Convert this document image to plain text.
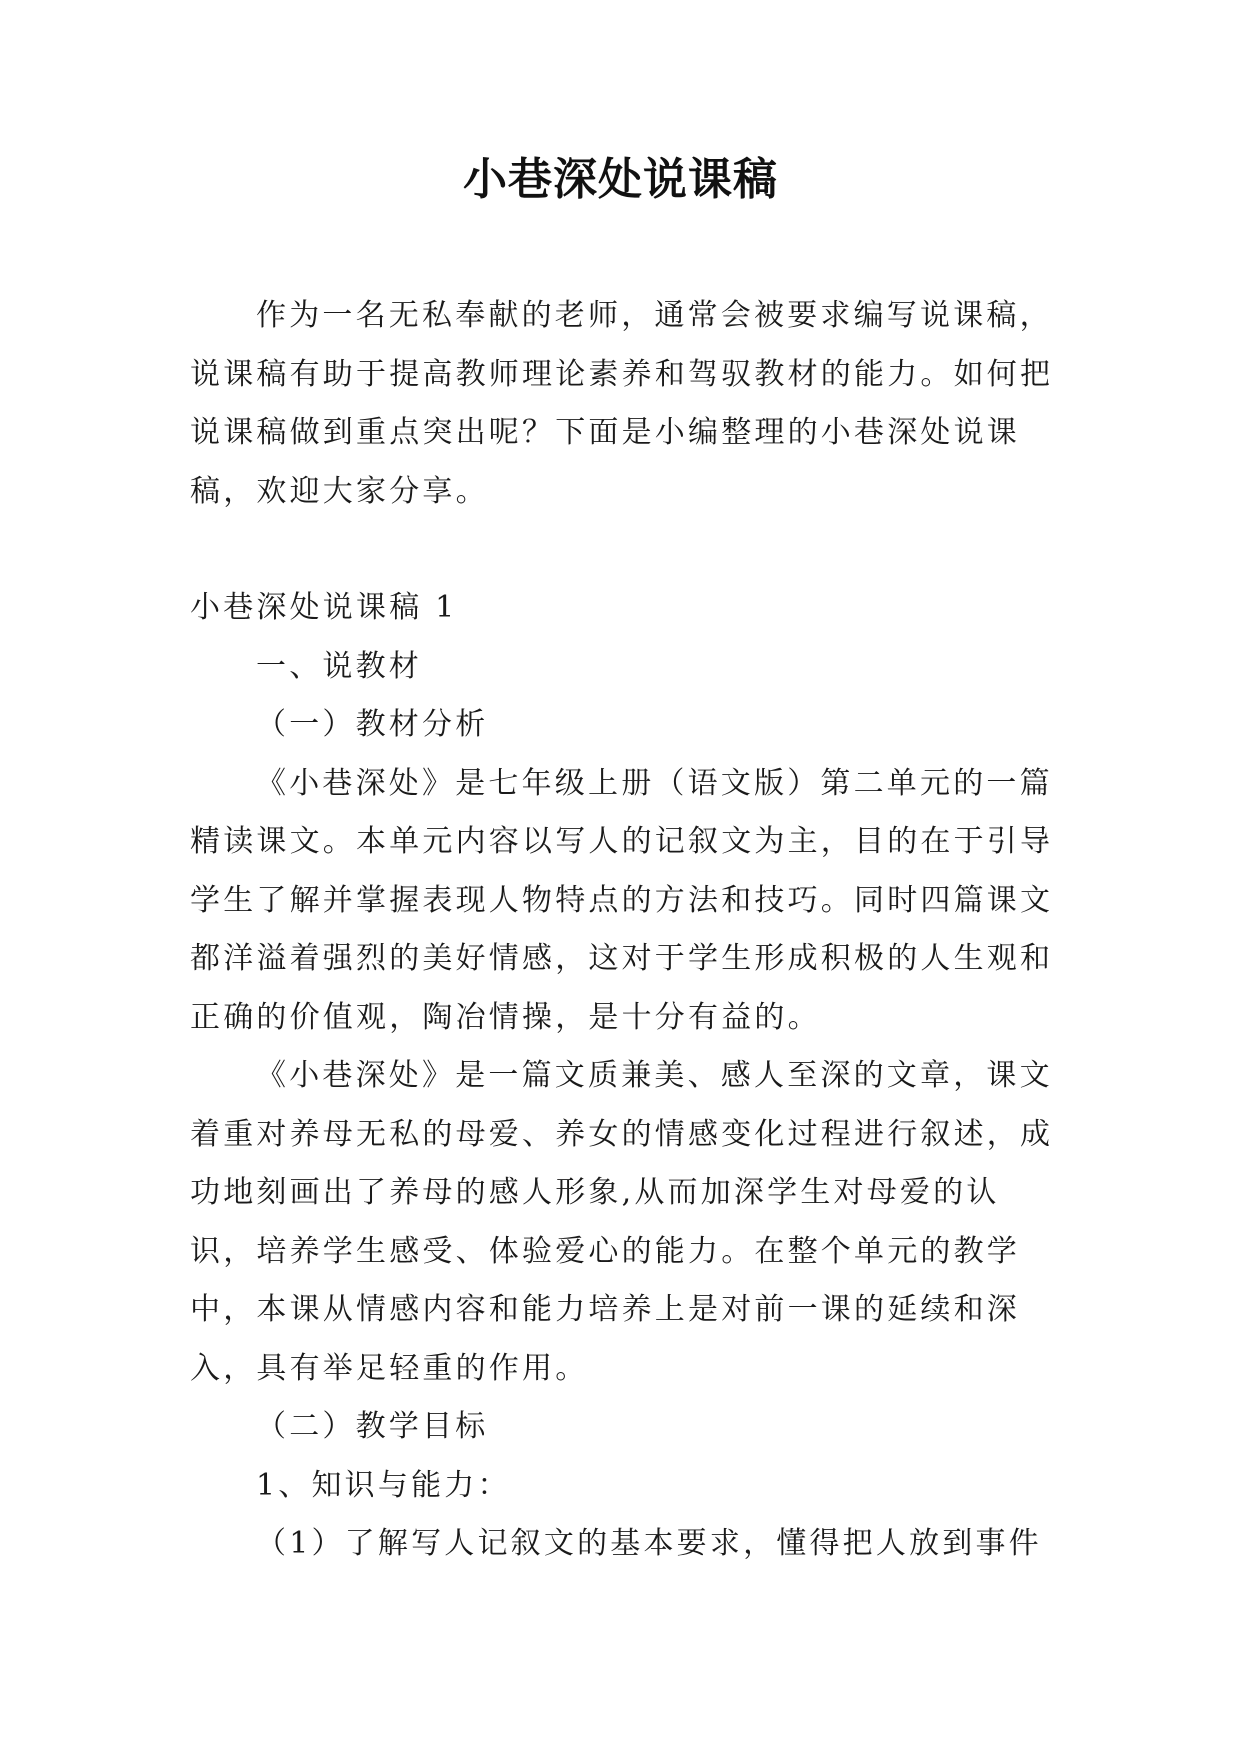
小巷深处说课稿

作为一名无私奉献的老师，通常会被要求编写说课稿，说课稿有助于提高教师理论素养和驾驭教材的能力。如何把说课稿做到重点突出呢？下面是小编整理的小巷深处说课稿，欢迎大家分享。

小巷深处说课稿 1

一、说教材

（一）教材分析

《小巷深处》是七年级上册（语文版）第二单元的一篇精读课文。本单元内容以写人的记叙文为主，目的在于引导学生了解并掌握表现人物特点的方法和技巧。同时四篇课文都洋溢着强烈的美好情感，这对于学生形成积极的人生观和正确的价值观，陶冶情操，是十分有益的。

《小巷深处》是一篇文质兼美、感人至深的文章，课文着重对养母无私的母爱、养女的情感变化过程进行叙述，成功地刻画出了养母的感人形象,从而加深学生对母爱的认识，培养学生感受、体验爱心的能力。在整个单元的教学中，本课从情感内容和能力培养上是对前一课的延续和深入，具有举足轻重的作用。

（二）教学目标

1、知识与能力：

（1）了解写人记叙文的基本要求，懂得把人放到事件
